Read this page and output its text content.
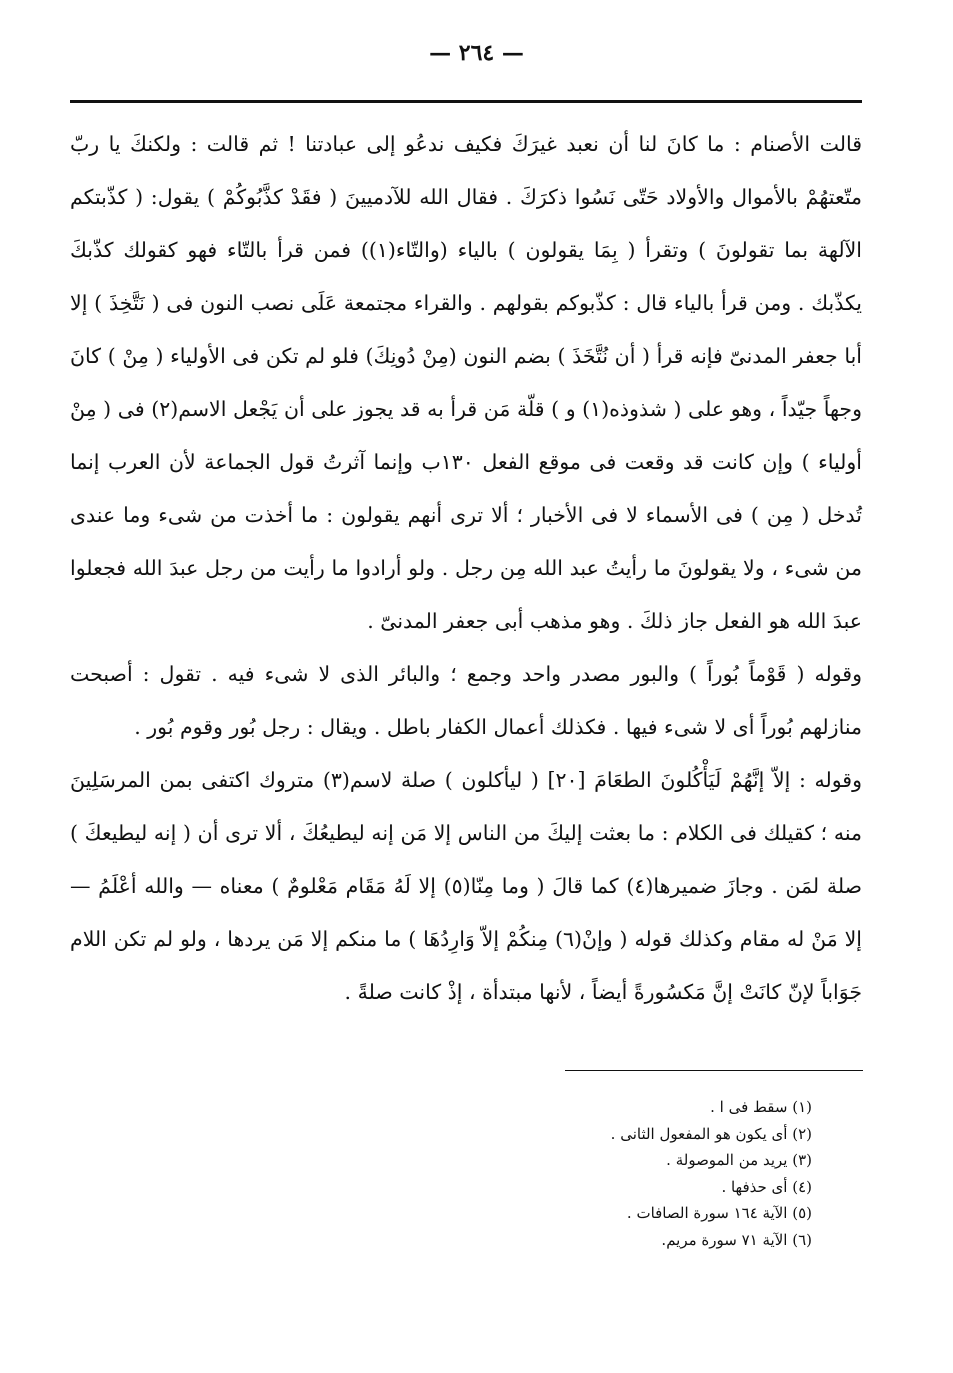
— ٢٦٤ —

قالت الأصنام : ما كانَ لنا أن نعبد غيرَكَ فكيف ندعُو إلى عبادتنا ! ثم قالت : ولكنكَ يا ربّ متّعتهُمْ بالأموال والأولاد حَتّى نَسُوا ذكرَكَ . فقال الله للآدميينَ ( فقَدْ كذَّبُوكُمْ ) يقول: ( كذّبتكم الآلهة بما تقولونَ ) وتقرأ ( بِمَا يقولون ) بالياء (والتّاء(١)) فمن قرأ بالتّاء فهو كقولك كذّبكَ يكذّبك . ومن قرأ بالياء قال : كذّبوكم بقولهم . والقراء مجتمعة عَلَى نصب النون فى ( نَتَّخِذَ ) إلا أبا جعفر المدنىّ فإنه قرأ ( أن نُتَّخَذَ ) بضم النون (مِنْ دُونِكَ) فلو لم تكن فى الأولياء ( مِنْ ) كانَ وجهاً جيّداً ، وهو على ( شذوذه(١) و ) قلّة مَن قرأ به قد يجوز على أن يَجْعل الاسم(٢) فى ( مِنْ أولياء ) وإن كانت قد وقعت فى موقع الفعل ١٣٠ب وإنما آثرتُ قول الجماعة لأن العرب إنما تُدخل ( مِن ) فى الأسماء لا فى الأخبار ؛ ألا ترى أنهم يقولون : ما أخذت من شىء وما عندى من شىء ، ولا يقولونَ ما رأيتُ عبد الله مِن رجل . ولو أرادوا ما رأيت من رجل عبدَ الله فجعلوا عبدَ الله هو الفعل جاز ذلكَ . وهو مذهب أبى جعفر المدنىّ .

وقوله ( قَوْماً بُوراً ) والبور مصدر واحد وجمع ؛ والبائر الذى لا شىء فيه . تقول : أصبحت منازلهم بُوراً أى لا شىء فيها . فكذلك أعمال الكفار باطل . ويقال : رجل بُور وقوم بُور .

وقوله : إلاّ إنَّهُمْ لَيَأْكُلونَ الطعَامَ [٢٠] ( ليأكلون ) صلة لاسم(٣) متروك اكتفى بمن المرسَلِينَ منه ؛ كقيلك فى الكلام : ما بعثت إليكَ من الناس إلا مَن إنه ليطيعُكَ ، ألا ترى أن ( إنه ليطيعكَ ) صلة لمَن . وجازَ ضميرها(٤) كما قالَ ( وما مِنّا(٥) إلا لَهُ مَقَام مَعْلومٌ ) معناه — والله أعْلَمُ — إلا مَنْ له مقام وكذلك قوله ( وإنْ(٦) مِنكُمْ إلاّ وَارِدُهَا ) ما منكم إلا مَن يردها ، ولو لم تكن اللام جَوَاباً لإنّ كانَتْ إنَّ مَكسُورةً أيضاً ، لأنها مبتدأة ، إذْ كانت صلةً .

(١) سقط فى ا .
(٢) أى يكون هو المفعول الثانى .
(٣) يريد من الموصولة .
(٤) أى حذفها .
(٥) الآية ١٦٤ سورة الصافات .
(٦) الآية ٧١ سورة مريم.
